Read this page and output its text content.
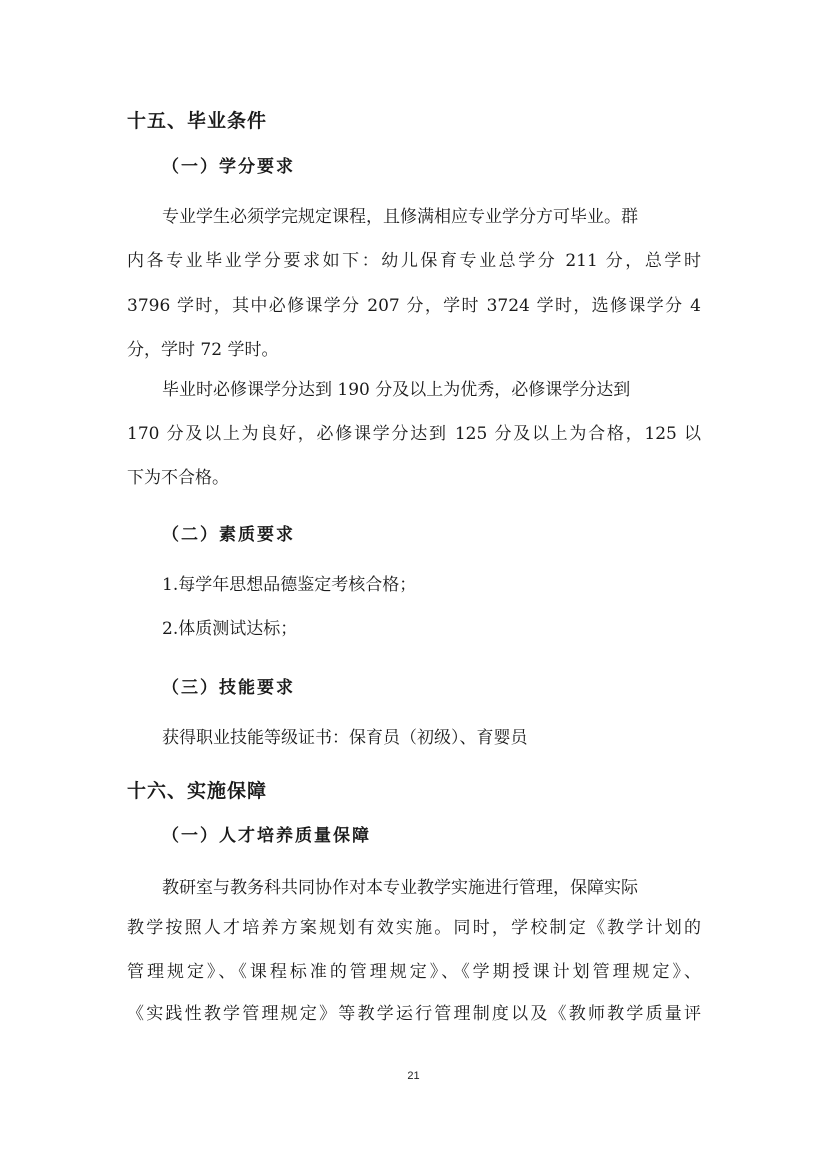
十五、毕业条件
（一）学分要求
专业学生必须学完规定课程，且修满相应专业学分方可毕业。群
内各专业毕业学分要求如下：幼儿保育专业总学分 211 分，总学时
3796 学时，其中必修课学分 207 分，学时 3724 学时，选修课学分 4
分，学时 72 学时。
毕业时必修课学分达到 190 分及以上为优秀，必修课学分达到
170 分及以上为良好，必修课学分达到 125 分及以上为合格，125 以
下为不合格。
（二）素质要求
1.每学年思想品德鉴定考核合格；
2.体质测试达标；
（三）技能要求
获得职业技能等级证书：保育员（初级）、育婴员
十六、实施保障
（一）人才培养质量保障
教研室与教务科共同协作对本专业教学实施进行管理，保障实际
教学按照人才培养方案规划有效实施。同时，学校制定《教学计划的
管理规定》、《课程标准的管理规定》、《学期授课计划管理规定》、
《实践性教学管理规定》等教学运行管理制度以及《教师教学质量评
21
